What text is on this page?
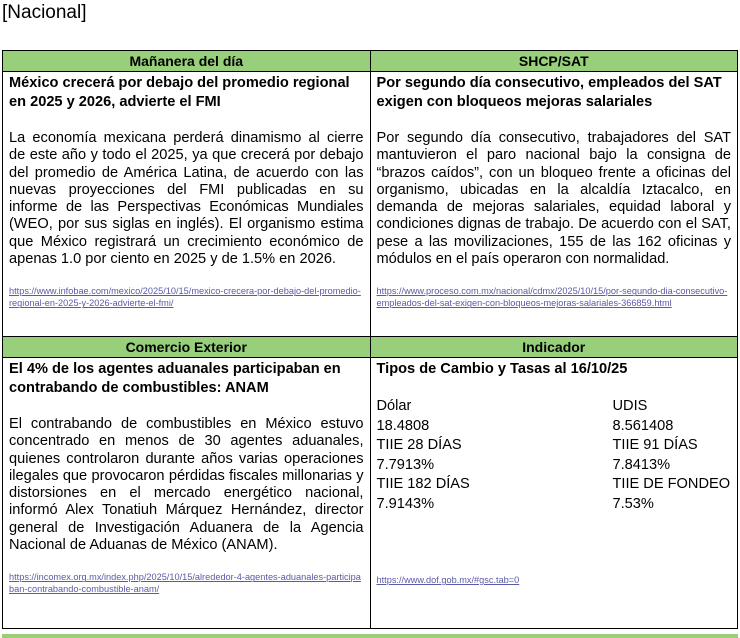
[Nacional]
Mañanera del día	SHCP/SAT

México crecerá por debajo del promedio regional en 2025 y 2026, advierte el FMI

La economía mexicana perderá dinamismo al cierre de este año y todo el 2025, ya que crecerá por debajo del promedio de América Latina, de acuerdo con las nuevas proyecciones del FMI publicadas en su informe de las Perspectivas Económicas Mundiales (WEO, por sus siglas en inglés). El organismo estima que México registrará un crecimiento económico de apenas 1.0 por ciento en 2025 y de 1.5% en 2026.

https://www.infobae.com/mexico/2025/10/15/mexico-crecera-por-debajo-del-promedio-regional-en-2025-y-2026-advierte-el-fmi/

Por segundo día consecutivo, empleados del SAT exigen con bloqueos mejoras salariales

Por segundo día consecutivo, trabajadores del SAT mantuvieron el paro nacional bajo la consigna de “brazos caídos”, con un bloqueo frente a oficinas del organismo, ubicadas en la alcaldía Iztacalco, en demanda de mejoras salariales, equidad laboral y condiciones dignas de trabajo. De acuerdo con el SAT, pese a las movilizaciones, 155 de las 162 oficinas y módulos en el país operaron con normalidad.

https://www.proceso.com.mx/nacional/cdmx/2025/10/15/por-segundo-dia-consecutivo-empleados-del-sat-exigen-con-bloqueos-mejoras-salariales-366859.html

Comercio Exterior	Indicador

El 4% de los agentes aduanales participaban en contrabando de combustibles: ANAM

El contrabando de combustibles en México estuvo concentrado en menos de 30 agentes aduanales, quienes controlaron durante años varias operaciones ilegales que provocaron pérdidas fiscales millonarias y distorsiones en el mercado energético nacional, informó Alex Tonatiuh Márquez Hernández, director general de Investigación Aduanera de la Agencia Nacional de Aduanas de México (ANAM).

https://incomex.org.mx/index.php/2025/10/15/alrededor-4-agentes-aduanales-participaban-contrabando-combustible-anam/

Tipos de Cambio y Tasas al 16/10/25
Dólar	UDIS
18.4808	8.561408
TIIE 28 DÍAS	TIIE 91 DÍAS
7.7913%	7.8413%
TIIE 182 DÍAS	TIIE DE FONDEO
7.9143%	7.53%
https://www.dof.gob.mx/#gsc.tab=0
